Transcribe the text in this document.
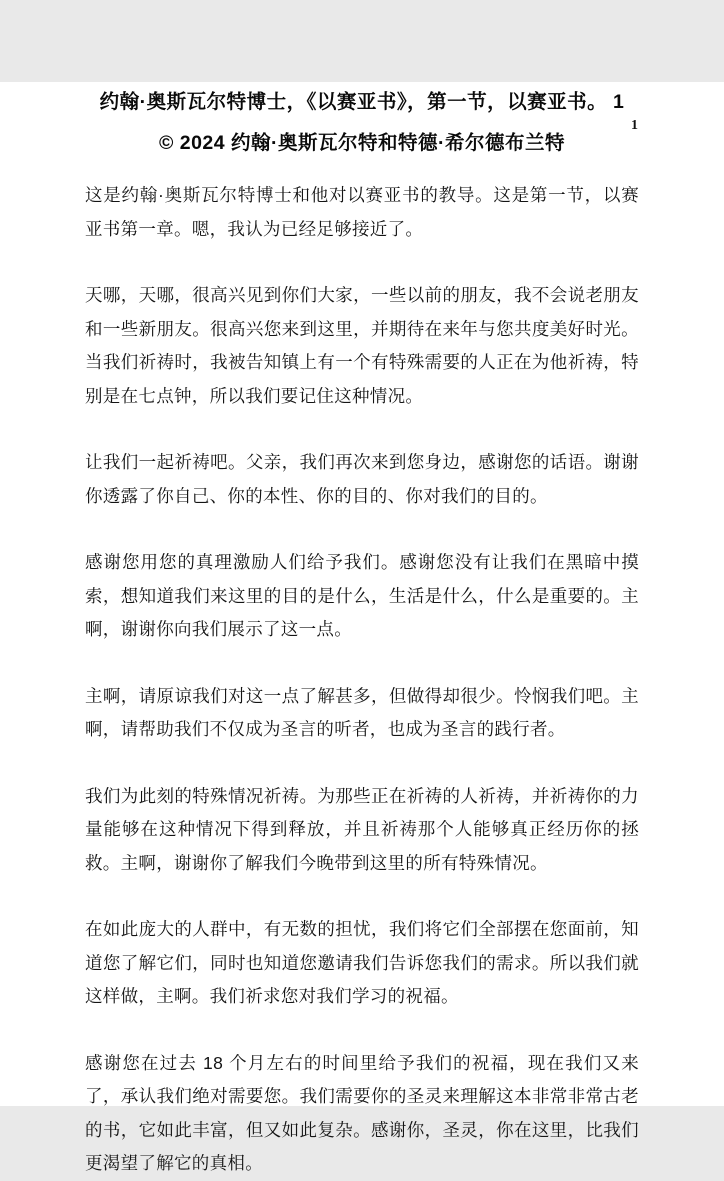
1
约翰·奥斯瓦尔特博士，《以赛亚书》，第一节，以赛亚书。 1
© 2024 约翰·奥斯瓦尔特和特德·希尔德布兰特

这是约翰·奥斯瓦尔特博士和他对以赛亚书的教导。这是第一节，以赛亚书第一章。嗯，我认为已经足够接近了。

天哪，天哪，很高兴见到你们大家，一些以前的朋友，我不会说老朋友和一些新朋友。很高兴您来到这里，并期待在来年与您共度美好时光。当我们祈祷时，我被告知镇上有一个有特殊需要的人正在为他祈祷，特别是在七点钟，所以我们要记住这种情况。

让我们一起祈祷吧。父亲，我们再次来到您身边，感谢您的话语。谢谢你透露了你自己、你的本性、你的目的、你对我们的目的。

感谢您用您的真理激励人们给予我们。感谢您没有让我们在黑暗中摸索，想知道我们来这里的目的是什么，生活是什么，什么是重要的。主啊，谢谢你向我们展示了这一点。

主啊，请原谅我们对这一点了解甚多，但做得却很少。怜悯我们吧。主啊，请帮助我们不仅成为圣言的听者，也成为圣言的践行者。

我们为此刻的特殊情况祈祷。为那些正在祈祷的人祈祷，并祈祷你的力量能够在这种情况下得到释放，并且祈祷那个人能够真正经历你的拯救。主啊，谢谢你了解我们今晚带到这里的所有特殊情况。

在如此庞大的人群中，有无数的担忧，我们将它们全部摆在您面前，知道您了解它们，同时也知道您邀请我们告诉您我们的需求。所以我们就这样做，主啊。我们祈求您对我们学习的祝福。

感谢您在过去 18 个月左右的时间里给予我们的祝福，现在我们又来了，承认我们绝对需要您。我们需要你的圣灵来理解这本非常非常古老的书，它如此丰富，但又如此复杂。感谢你，圣灵，你在这里，比我们更渴望了解它的真相。
